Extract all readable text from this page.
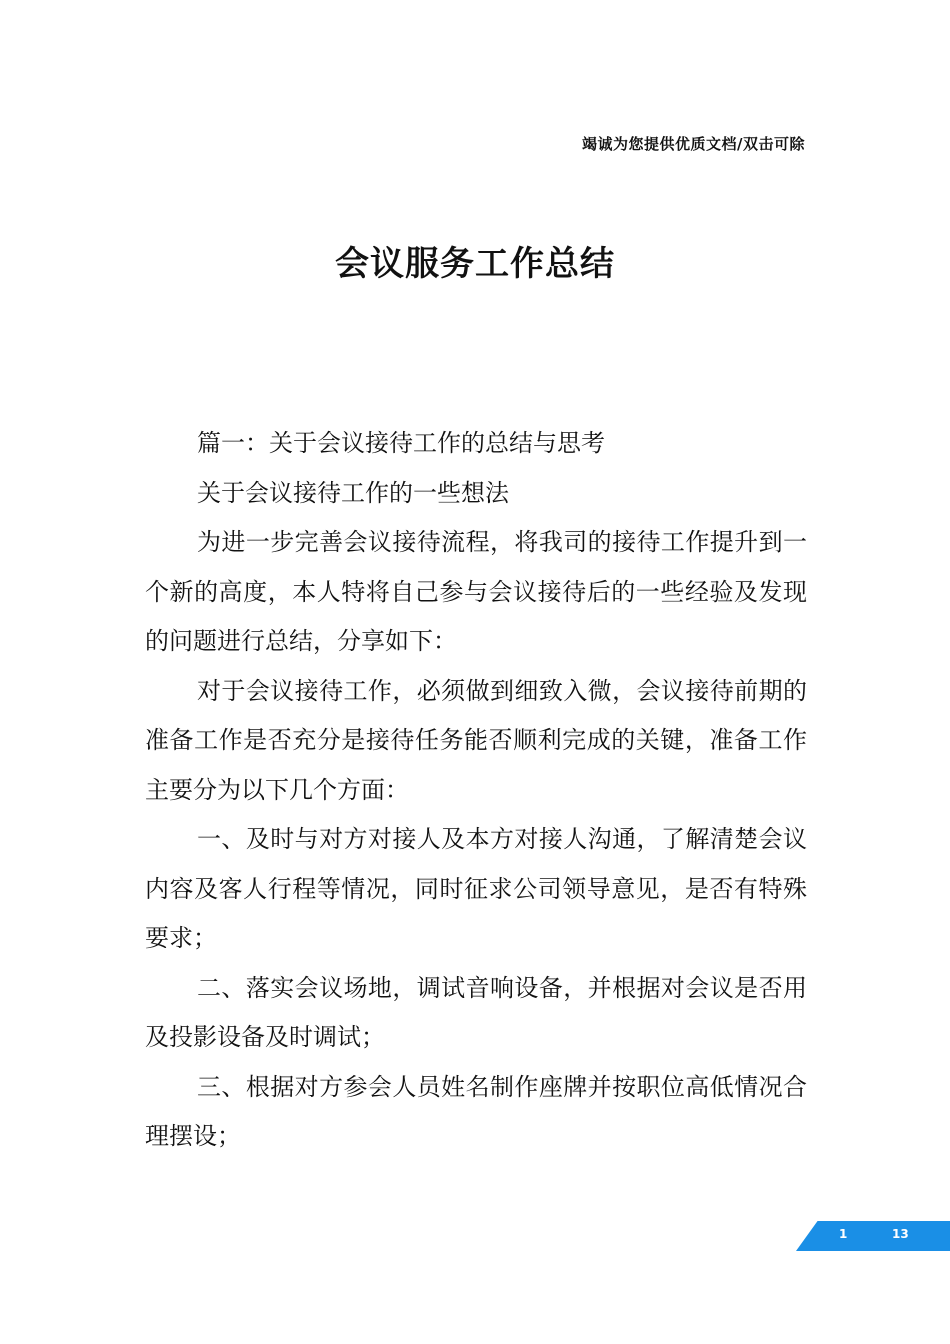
竭诚为您提供优质文档/双击可除
会议服务工作总结

篇一：关于会议接待工作的总结与思考

关于会议接待工作的一些想法

为进一步完善会议接待流程，将我司的接待工作提升到一个新的高度，本人特将自己参与会议接待后的一些经验及发现的问题进行总结，分享如下：

对于会议接待工作，必须做到细致入微，会议接待前期的准备工作是否充分是接待任务能否顺利完成的关键，准备工作主要分为以下几个方面：

一、及时与对方对接人及本方对接人沟通，了解清楚会议内容及客人行程等情况，同时征求公司领导意见，是否有特殊要求；

二、落实会议场地，调试音响设备，并根据对会议是否用及投影设备及时调试；

三、根据对方参会人员姓名制作座牌并按职位高低情况合理摆设；

1	13
